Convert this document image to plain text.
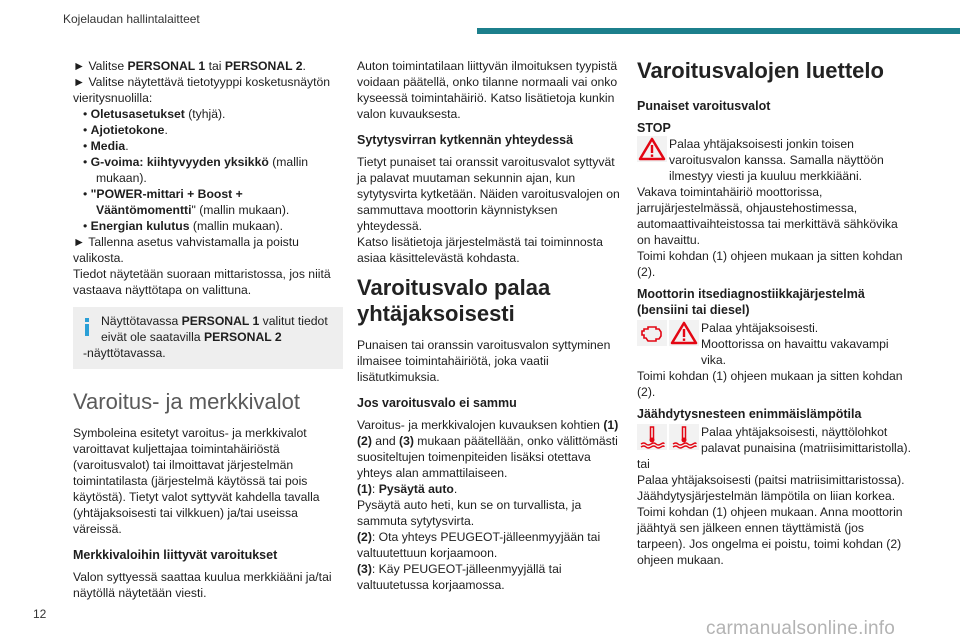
Kojelaudan hallintalaitteet

► Valitse PERSONAL 1 tai PERSONAL 2.

► Valitse näytettävä tietotyyppi kosketusnäytön vieritysnuolilla:

• Oletusasetukset (tyhjä).

• Ajotietokone.

• Media.

• G-voima: kiihtyvyyden yksikkö (mallin mukaan).

• "POWER-mittari + Boost + Vääntömomentti" (mallin mukaan).

• Energian kulutus (mallin mukaan).

► Tallenna asetus vahvistamalla ja poistu valikosta.

Tiedot näytetään suoraan mittaristossa, jos niitä vastaava näyttötapa on valittuna.

Näyttötavassa PERSONAL 1 valitut tiedot eivät ole saatavilla PERSONAL 2

-näyttötavassa.

Varoitus- ja merkkivalot

Symboleina esitetyt varoitus- ja merkkivalot varoittavat kuljettajaa toimintahäiriöstä (varoitusvalot) tai ilmoittavat järjestelmän toimintatilasta (järjestelmä käytössä tai pois käytöstä). Tietyt valot syttyvät kahdella tavalla (yhtäjaksoisesti tai vilkkuen) ja/tai useissa väreissä.

Merkkivaloihin liittyvät varoitukset

Valon syttyessä saattaa kuulua merkkiääni ja/tai näytöllä näytetään viesti.

Auton toimintatilaan liittyvän ilmoituksen tyypistä voidaan päätellä, onko tilanne normaali vai onko kyseessä toimintahäiriö. Katso lisätietoja kunkin valon kuvauksesta.

Sytytysvirran kytkennän yhteydessä

Tietyt punaiset tai oranssit varoitusvalot syttyvät ja palavat muutaman sekunnin ajan, kun sytytysvirta kytketään. Näiden varoitusvalojen on sammuttava moottorin käynnistyksen yhteydessä.

Katso lisätietoja järjestelmästä tai toiminnosta asiaa käsittelevästä kohdasta.

Varoitusvalo palaa yhtäjaksoisesti

Punaisen tai oranssin varoitusvalon syttyminen ilmaisee toimintahäiriötä, joka vaatii lisätutkimuksia.

Jos varoitusvalo ei sammu

Varoitus- ja merkkivalojen kuvauksen kohtien (1)(2) and (3) mukaan päätellään, onko välittömästi suositeltujen toimenpiteiden lisäksi otettava yhteys alan ammattilaiseen.

(1): Pysäytä auto.

Pysäytä auto heti, kun se on turvallista, ja sammuta sytytysvirta.

(2): Ota yhteys PEUGEOT-jälleenmyyjään tai valtuutettuun korjaamoon.

(3): Käy PEUGEOT-jälleenmyyjällä tai valtuutetussa korjaamossa.

Varoitusvalojen luettelo

Punaiset varoitusvalot

STOP

Palaa yhtäjaksoisesti jonkin toisen varoitusvalon kanssa. Samalla näyttöön ilmestyy viesti ja kuuluu merkkiääni.

Vakava toimintahäiriö moottorissa, jarrujärjestelmässä, ohjaustehostimessa, automaattivaihteistossa tai merkittävä sähkövika on havaittu.

Toimi kohdan (1) ohjeen mukaan ja sitten kohdan (2).

Moottorin itsediagnostiikkajärjestelmä (bensiini tai diesel)

Palaa yhtäjaksoisesti.

Moottorissa on havaittu vakavampi vika.

Toimi kohdan (1) ohjeen mukaan ja sitten kohdan (2).

Jäähdytysnesteen enimmäislämpötila

Palaa yhtäjaksoisesti, näyttölohkot palavat punaisina (matriisimittaristolla).

tai

Palaa yhtäjaksoisesti (paitsi matriisimittaristossa).

Jäähdytysjärjestelmän lämpötila on liian korkea.

Toimi kohdan (1) ohjeen mukaan. Anna moottorin jäähtyä sen jälkeen ennen täyttämistä (jos tarpeen). Jos ongelma ei poistu, toimi kohdan (2) ohjeen mukaan.

12
carmanualsonline.info
